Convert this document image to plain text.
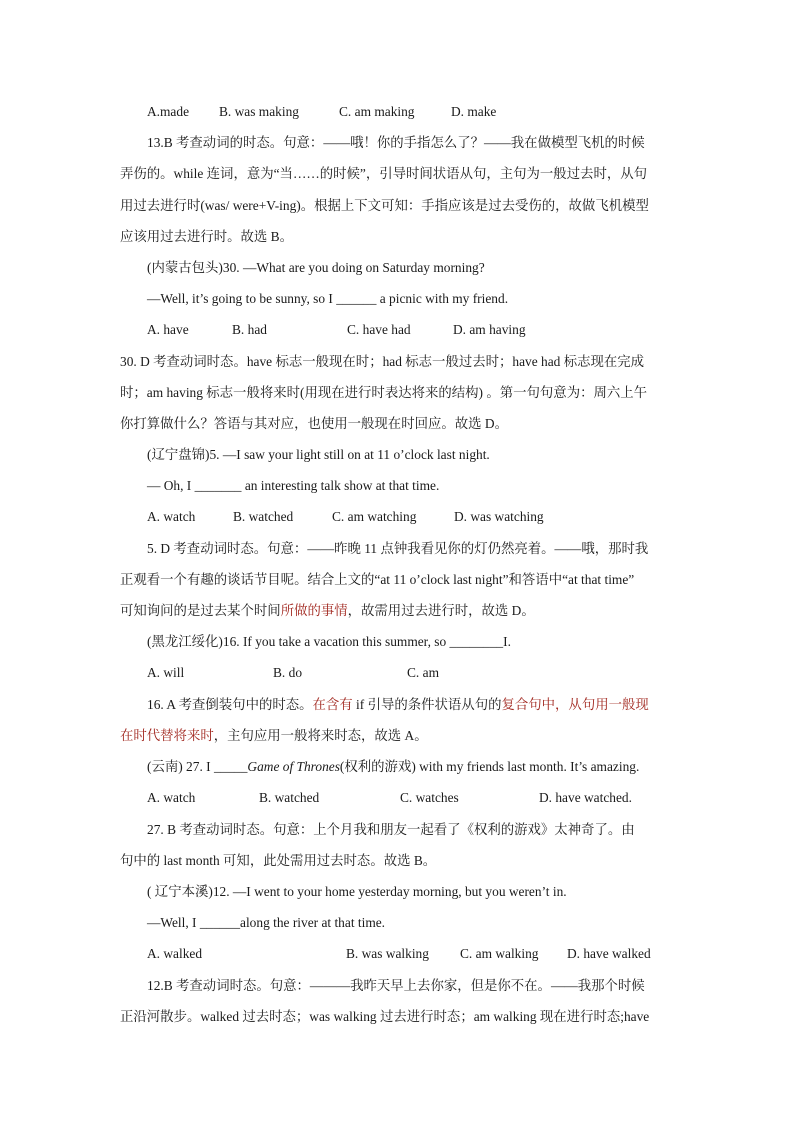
A.made B. was making	C. am making	D. make
13.B 考查动词的时态。句意：——哦！你的手指怎么了？——我在做模型飞机的时候
弄伤的。while 连词，意为“当……的时候”，引导时间状语从句，主句为一般过去时，从句
用过去进行时(was/ were+V-ing)。根据上下文可知：手指应该是过去受伤的，故做飞机模型
应该用过去进行时。故选 B。
(内蒙古包头)30. —What are you doing on Saturday morning?
—Well, it’s going to be sunny, so I ______ a picnic with my friend.
A. have	B. had	C. have had	D. am having
30. D 考查动词时态。have 标志一般现在时；had 标志一般过去时；have had 标志现在完成
时；am having 标志一般将来时(用现在进行时表达将来的结构) 。第一句句意为：周六上午
你打算做什么？答语与其对应，也使用一般现在时回应。故选 D。
(辽宁盘锦)5. —I saw your light still on at 11 o’clock last night.
— Oh, I _______ an interesting talk show at that time.
A. watch	B. watched	C. am watching	D. was watching
5. D 考查动词时态。句意：——昨晚 11 点钟我看见你的灯仍然亮着。——哦，那时我
正观看一个有趣的谈话节目呢。结合上文的“at 11 o’clock last night”和答语中“at that time”
可知询问的是过去某个时间所做的事情，故需用过去进行时，故选 D。
(黑龙江绥化)16. If you take a vacation this summer, so ________I.
A. will	B. do	C. am
16. A 考查倒装句中的时态。在含有 if 引导的条件状语从句的复合句中，从句用一般现
在时代替将来时，主句应用一般将来时态，故选 A。
(云南) 27. I _____Game of Thrones(权利的游戏) with my friends last month. It’s amazing.
A. watch	B. watched	C. watches	D. have watched.
27. B 考查动词时态。句意：上个月我和朋友一起看了《权利的游戏》太神奇了。由
句中的 last month 可知，此处需用过去时态。故选 B。
( 辽宁本溪)12. —I went to your home yesterday morning, but you weren’t in.
—Well, I ______along the river at that time.
A. walked	B. was walking C. am walking D. have walked
12.B 考查动词时态。句意：———我昨天早上去你家，但是你不在。——我那个时候
正沿河散步。walked 过去时态；was walking 过去进行时态；am walking 现在进行时态;have
